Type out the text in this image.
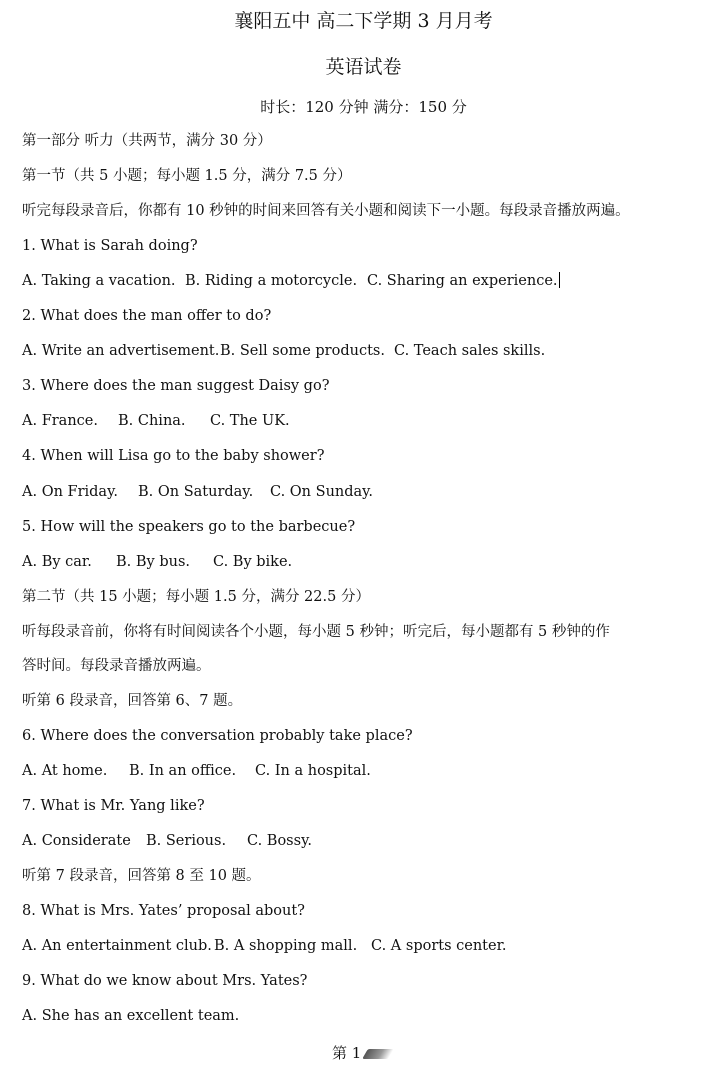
襄阳五中 高二下学期 3 月月考
英语试卷
时长：120 分钟 满分：150 分
第一部分 听力（共两节，满分 30 分）
第一节（共 5 小题；每小题 1.5 分，满分 7.5 分）
听完每段录音后，你都有 10 秒钟的时间来回答有关小题和阅读下一小题。每段录音播放两遍。
1. What is Sarah doing?
A. Taking a vacation. B. Riding a motorcycle. C. Sharing an experience.
2. What does the man offer to do?
A. Write an advertisement.B. Sell some products. C. Teach sales skills.
3. Where does the man suggest Daisy go?
A. France. B. China. C. The UK.
4. When will Lisa go to the baby shower?
A. On Friday. B. On Saturday. C. On Sunday.
5. How will the speakers go to the barbecue?
A. By car. B. By bus. C. By bike.
第二节（共 15 小题；每小题 1.5 分，满分 22.5 分）
听每段录音前，你将有时间阅读各个小题，每小题 5 秒钟；听完后，每小题都有 5 秒钟的作
答时间。每段录音播放两遍。
听第 6 段录音，回答第 6、7 题。
6. Where does the conversation probably take place?
A. At home. B. In an office. C. In a hospital.
7. What is Mr. Yang like?
A. Considerate B. Serious. C. Bossy.
听第 7 段录音，回答第 8 至 10 题。
8. What is Mrs. Yates’ proposal about?
A. An entertainment club. B. A shopping mall. C. A sports center.
9. What do we know about Mrs. Yates?
A. She has an excellent team.
第 1
